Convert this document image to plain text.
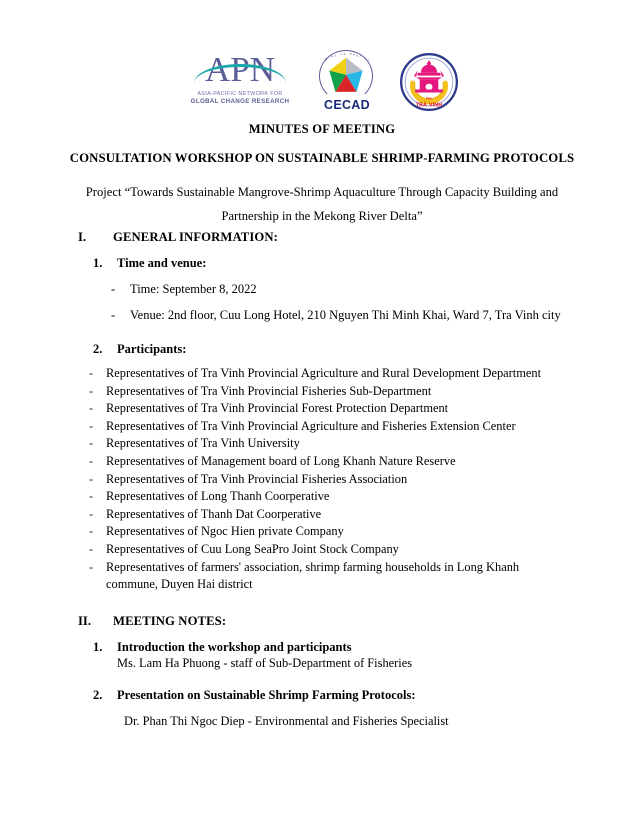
APN
ASIA-PACIFIC NETWORK FOR
GLOBAL CHANGE RESEARCH
g i a o v à P h á t
t r
CECAD	TỈNH
TRÀ VINH
MINUTES OF MEETING
CONSULTATION WORKSHOP ON SUSTAINABLE SHRIMP-FARMING PROTOCOLS
Project “Towards Sustainable Mangrove-Shrimp Aquaculture Through Capacity Building and
Partnership in the Mekong River Delta”
I.	GENERAL INFORMATION:
1.	Time and venue:
-	Time: September 8, 2022
-	Venue: 2nd floor, Cuu Long Hotel, 210 Nguyen Thi Minh Khai, Ward 7, Tra Vinh city
2.	Participants:
-	Representatives of Tra Vinh Provincial Agriculture and Rural Development Department
-	Representatives of Tra Vinh Provincial Fisheries Sub-Department
-	Representatives of Tra Vinh Provincial Forest Protection Department
-	Representatives of Tra Vinh Provincial Agriculture and Fisheries Extension Center
-	Representatives of Tra Vinh University
-	Representatives of Management board of Long Khanh Nature Reserve
-	Representatives of Tra Vinh Provincial Fisheries Association
-	Representatives of Long Thanh Coorperative
-	Representatives of Thanh Dat Coorperative
-	Representatives of Ngoc Hien private Company
-	Representatives of Cuu Long SeaPro Joint Stock Company
-	Representatives of farmers' association, shrimp farming households in Long Khanh commune, Duyen Hai district
II.	MEETING NOTES:
1.	Introduction the workshop and participants
Ms. Lam Ha Phuong - staff of Sub-Department of Fisheries
2.	Presentation on Sustainable Shrimp Farming Protocols:
Dr. Phan Thi Ngoc Diep - Environmental and Fisheries Specialist
